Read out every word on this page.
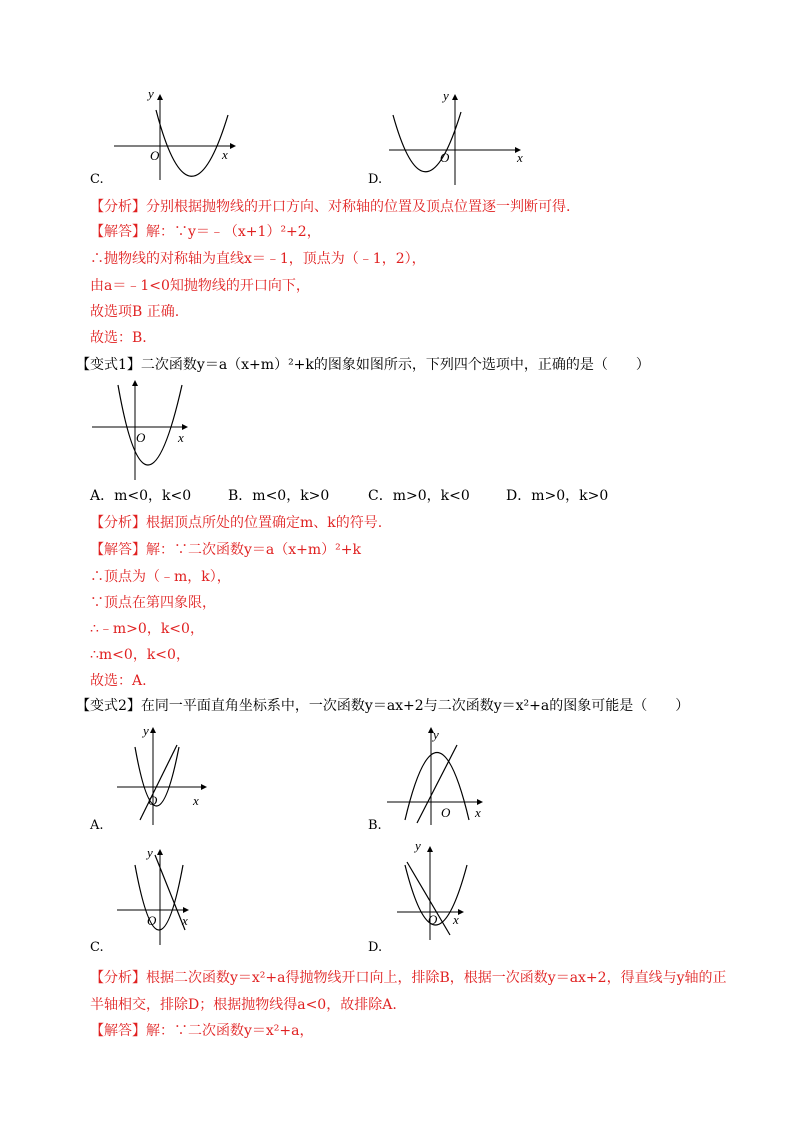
y
x
O
C.
y
x
O
D.
【分析】分别根据抛物线的开口方向、对称轴的位置及顶点位置逐一判断可得.
【解答】解：∵y＝﹣（x+1）²+2，
∴抛物线的对称轴为直线x＝﹣1，顶点为（﹣1，2），
由a＝﹣1<0知抛物线的开口向下，
故选项B 正确.
故选：B.
【变式1】二次函数y＝a（x+m）²+k的图象如图所示，下列四个选项中，正确的是（　　）
O	x
A．m<0，k<0	B．m<0，k>0	C．m>0，k<0	D．m>0，k>0
【分析】根据顶点所处的位置确定m、k的符号.
【解答】解：∵二次函数y＝a（x+m）²+k
∴顶点为（﹣m，k），
∵顶点在第四象限，
∴﹣m>0，k<0，
∴m<0，k<0，
故选：A.
【变式2】在同一平面直角坐标系中，一次函数y＝ax+2与二次函数y＝x²+a的图象可能是（　　）
y
O	x
A.
y
O x
B.
y
O x
C.
y
O x
D.
【分析】根据二次函数y＝x²+a得抛物线开口向上，排除B，根据一次函数y＝ax+2，得直线与y轴的正
半轴相交，排除D；根据抛物线得a<0，故排除A.
【解答】解：∵二次函数y＝x²+a，
